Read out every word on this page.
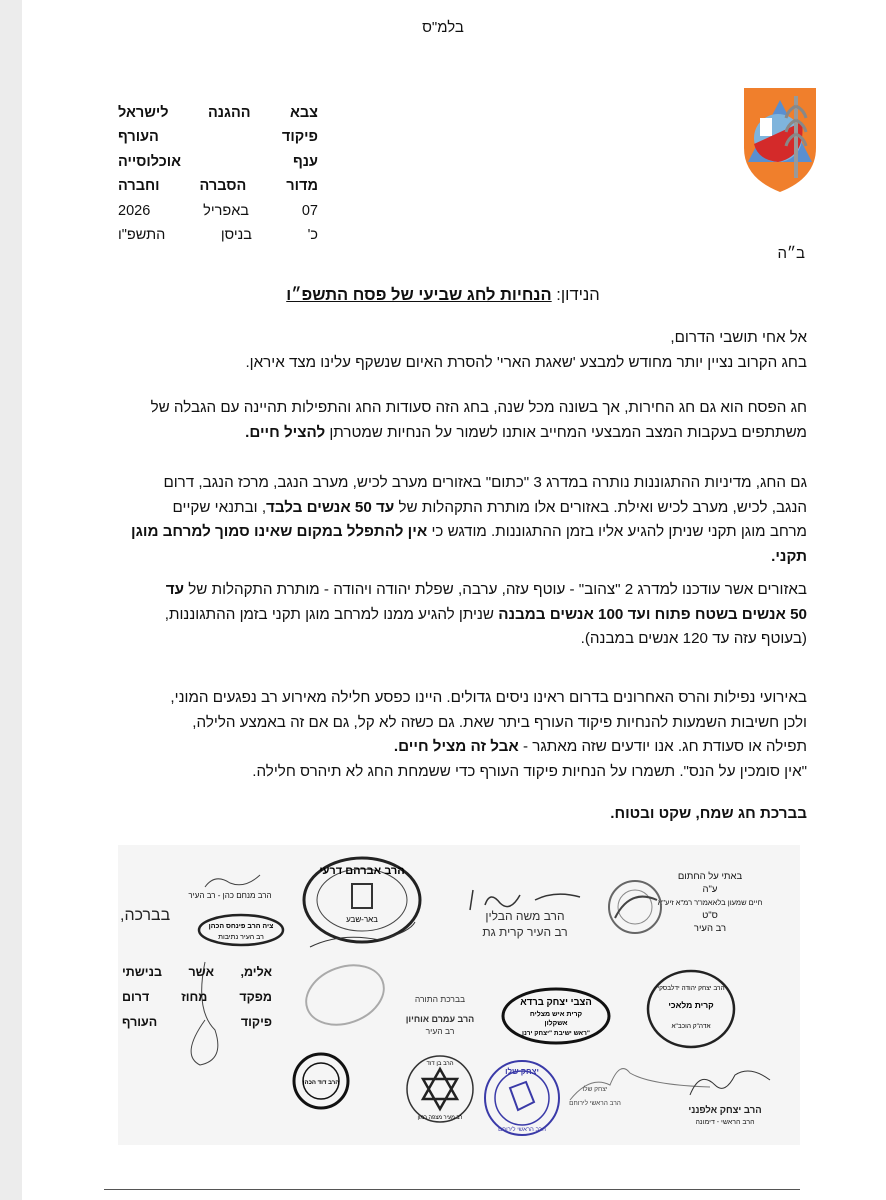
בלמ"ס
צבא
ההגנה
לישראל
פיקוד
העורף
ענף
אוכלוסייה
מדור
הסברה
וחברה
07
באפריל
2026
כ'
בניסן
התשפ"ו
ב״ה
הנידון: הנחיות לחג שביעי של פסח התשפ״ו
אל אחי תושבי הדרום,
בחג הקרוב נציין יותר מחודש למבצע 'שאגת הארי' להסרת האיום שנשקף עלינו מצד איראן.
חג הפסח הוא גם חג החירות, אך בשונה מכל שנה, בחג הזה סעודות החג והתפילות תהיינה עם הגבלה של
משתתפים בעקבות המצב המבצעי המחייב אותנו לשמור על הנחיות שמטרתן להציל חיים.
גם החג, מדיניות ההתגוננות נותרה במדרג 3 "כתום" באזורים מערב לכיש, מערב הנגב, מרכז הנגב, דרום
הנגב, לכיש, מערב לכיש ואילת. באזורים אלו מותרת התקהלות של עד 50 אנשים בלבד, ובתנאי שקיים
מרחב מוגן תקני שניתן להגיע אליו בזמן ההתגוננות. מודגש כי אין להתפלל במקום שאינו סמוך למרחב מוגן
תקני.
באזורים אשר עודכנו למדרג 2 "צהוב" - עוטף עזה, ערבה, שפלת יהודה ויהודה - מותרת התקהלות של עד
50 אנשים בשטח פתוח ועד 100 אנשים במבנה שניתן להגיע ממנו למרחב מוגן תקני בזמן ההתגוננות,
(בעוטף עזה עד 120 אנשים במבנה).
באירועי נפילות והרס האחרונים בדרום ראינו ניסים גדולים. היינו כפסע חלילה מאירוע רב נפגעים המוני,
ולכן חשיבות השמעות להנחיות פיקוד העורף ביתר שאת. גם כשזה לא קל, גם אם זה באמצע הלילה,
תפילה או סעודת חג. אנו יודעים שזה מאתגר - אבל זה מציל חיים.
"אין סומכין על הנס". תשמרו על הנחיות פיקוד העורף כדי ששמחת החג לא תיהרס חלילה.
בברכת חג שמח, שקט ובטוח.
בברכה,
באתי על החתום
ע"ה
חיים שמעון בלאאמו"ר רמ"א זיע"א
ס"ט
רב העיר
הרב משה הבלין
רב העיר קרית גת
הרב אברהם דרעי
באר-שבע
הרב מנחם כהן - רב העיר
ציה הרב פינחס הכהן
רב העיר נתיבות
אלימ,
אשר
בנישתי
מפקד
מחוז
דרום
פיקוד
העורף
בברכת התורה
הרב עמרם אוחיון
רב העיר
הצבי יצחק ברדא
קרית איש מצליח
אשקלון
ראש ישיבת "יצחק ירנן"
הרב יצחק יהודה ידלבסקי
קרית מלאכי
אדה"ק הוכב"א
הרב דוד הכהן
הרב בן דוד
רב מעיר מצפה רמון
יצחק שלו
הרב הראשי לירוחם
יצחק שלו
הרב הראשי לירוחם
הרב יצחק אלפנני
הרב הראשי - דימונה
